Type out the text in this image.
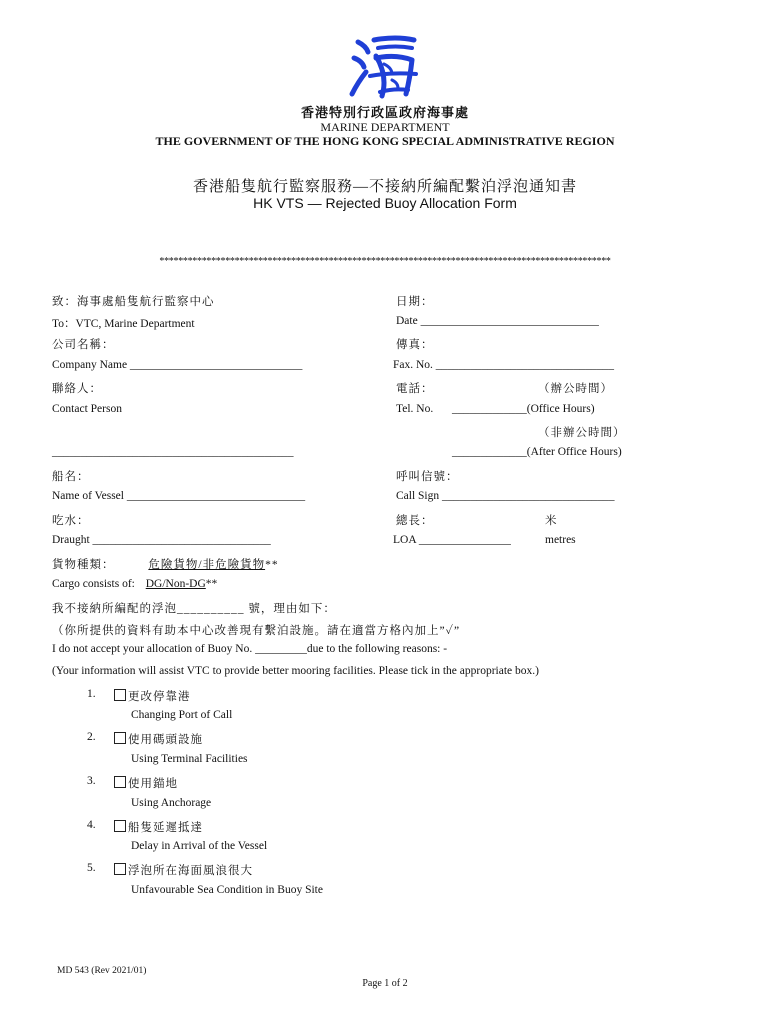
香港特別行政區政府海事處
MARINE DEPARTMENT
THE GOVERNMENT OF THE HONG KONG SPECIAL ADMINISTRATIVE REGION
香港船隻航行監察服務—不接納所編配繫泊浮泡通知書
HK VTS — Rejected Buoy Allocation Form
************************************************************************************************
致：海事處船隻航行監察中心	日期：
To：VTC, Marine Department	Date _______________________________
公司名稱：	傳真：
Company Name ______________________________	Fax. No. _______________________________
聯絡人：	電話：	（辦公時間）
Contact Person	Tel. No. _____________(Office Hours)
（非辦公時間）
__________________________________________	_____________(After Office Hours)
船名：	呼叫信號：
Name of Vessel _______________________________	Call Sign ______________________________
吃水：	總長：	米
Draught _______________________________	LOA ________________	metres
貨物種類：	危險貨物/非危險貨物**
Cargo consists of: DG/Non-DG**
我不接納所編配的浮泡__________ 號，理由如下：
（你所提供的資料有助本中心改善現有繫泊設施。請在適當方格內加上”✓”
I do not accept your allocation of Buoy No. _________due to the following reasons: -
(Your information will assist VTC to provide better mooring facilities. Please tick in the appropriate box.)
1.	更改停靠港
Changing Port of Call
2.	使用碼頭設施
Using Terminal Facilities
3.	使用錨地
Using Anchorage
4.	船隻延遲抵達
Delay in Arrival of the Vessel
5.	浮泡所在海面風浪很大
Unfavourable Sea Condition in Buoy Site
MD 543 (Rev 2021/01)
Page 1 of 2
